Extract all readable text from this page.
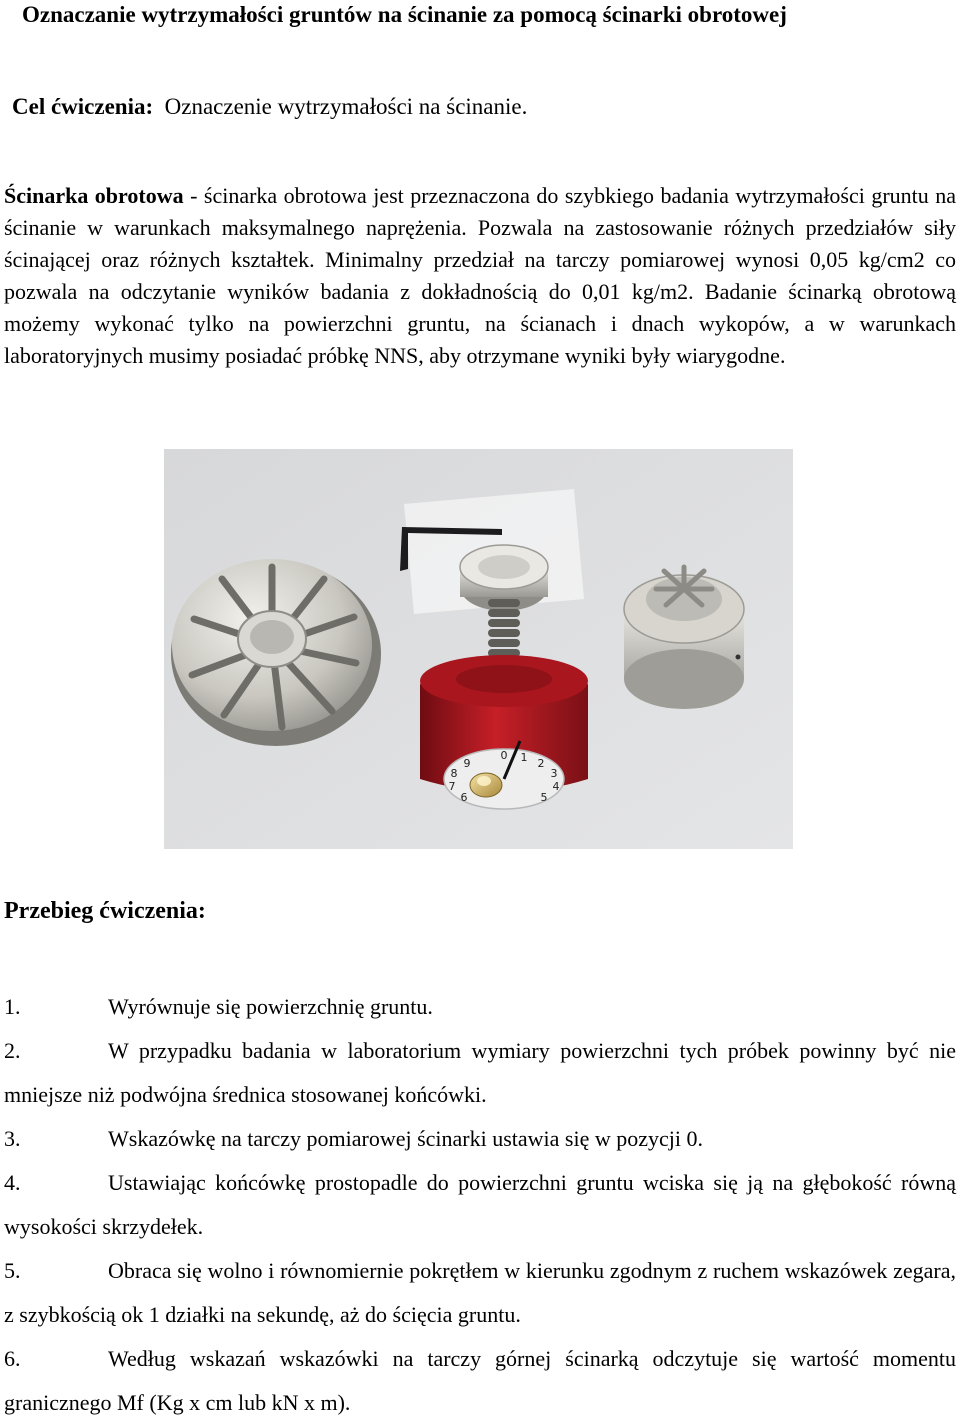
Oznaczanie wytrzymałości gruntów na ścinanie za pomocą ścinarki obrotowej

Cel ćwiczenia: Oznaczenie wytrzymałości na ścinanie.

Ścinarka obrotowa - ścinarka obrotowa jest przeznaczona do szybkiego badania wytrzymałości gruntu na ścinanie w warunkach maksymalnego naprężenia. Pozwala na zastosowanie różnych przedziałów siły ścinającej oraz różnych kształtek. Minimalny przedział na tarczy pomiarowej wynosi 0,05 kg/cm2 co pozwala na odczytanie wyników badania z dokładnością do 0,01 kg/m2. Badanie ścinarką obrotową możemy wykonać tylko na powierzchni gruntu, na ścianach i dnach wykopów, a w warunkach laboratoryjnych musimy posiadać próbkę NNS, aby otrzymane wyniki były wiarygodne.

0 1 2
3
4
5
6
7
8
9
Przebieg ćwiczenia:

1.	Wyrównuje się powierzchnię gruntu.

2.	W przypadku badania w laboratorium wymiary powierzchni tych próbek powinny być nie mniejsze niż podwójna średnica stosowanej końcówki.

3.	Wskazówkę na tarczy pomiarowej ścinarki ustawia się w pozycji 0.

4.	Ustawiając końcówkę prostopadle do powierzchni gruntu wciska się ją na głębokość równą wysokości skrzydełek.

5.	Obraca się wolno i równomiernie pokrętłem w kierunku zgodnym z ruchem wskazówek zegara, z szybkością ok 1 działki na sekundę, aż do ścięcia gruntu.

6.	Według wskazań wskazówki na tarczy górnej ścinarką odczytuje się wartość momentu granicznego Mf (Kg x cm lub kN x m).
